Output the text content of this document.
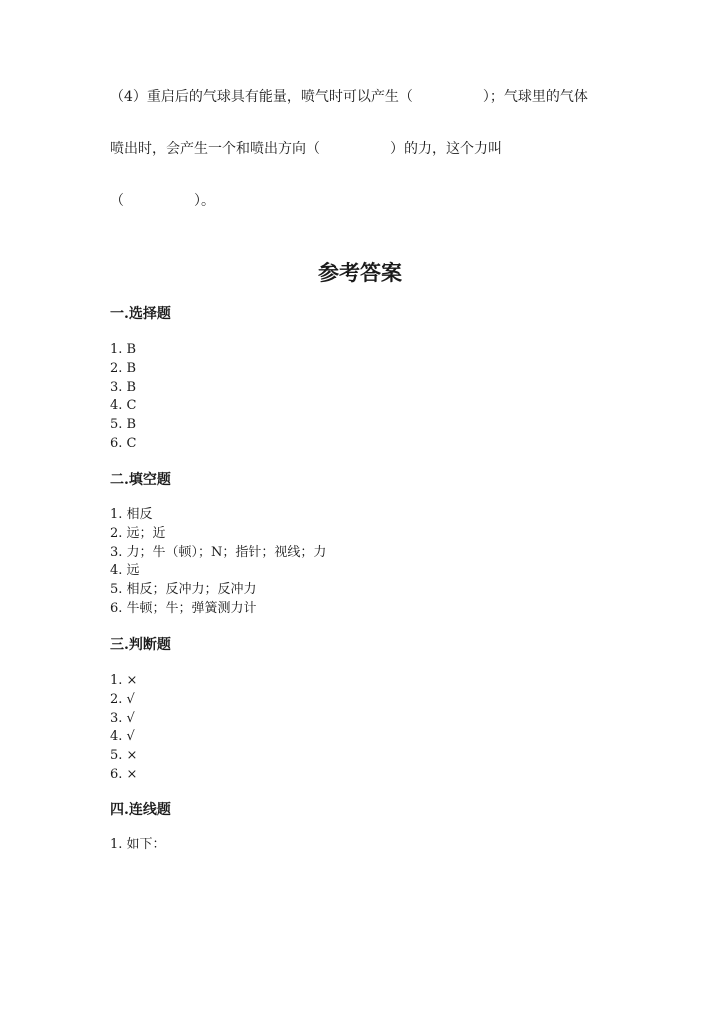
（4）重启后的气球具有能量，喷气时可以产生（　　　　　）；气球里的气体
喷出时，会产生一个和喷出方向（　　　　　）的力，这个力叫
（　　　　　）。
参考答案
一.选择题
1. B
2. B
3. B
4. C
5. B
6. C
二.填空题
1. 相反
2. 远；近
3. 力；牛（顿）；N；指针；视线；力
4. 远
5. 相反；反冲力；反冲力
6. 牛顿；牛；弹簧测力计
三.判断题
1. ×
2. √
3. √
4. √
5. ×
6. ×
四.连线题
1. 如下：
